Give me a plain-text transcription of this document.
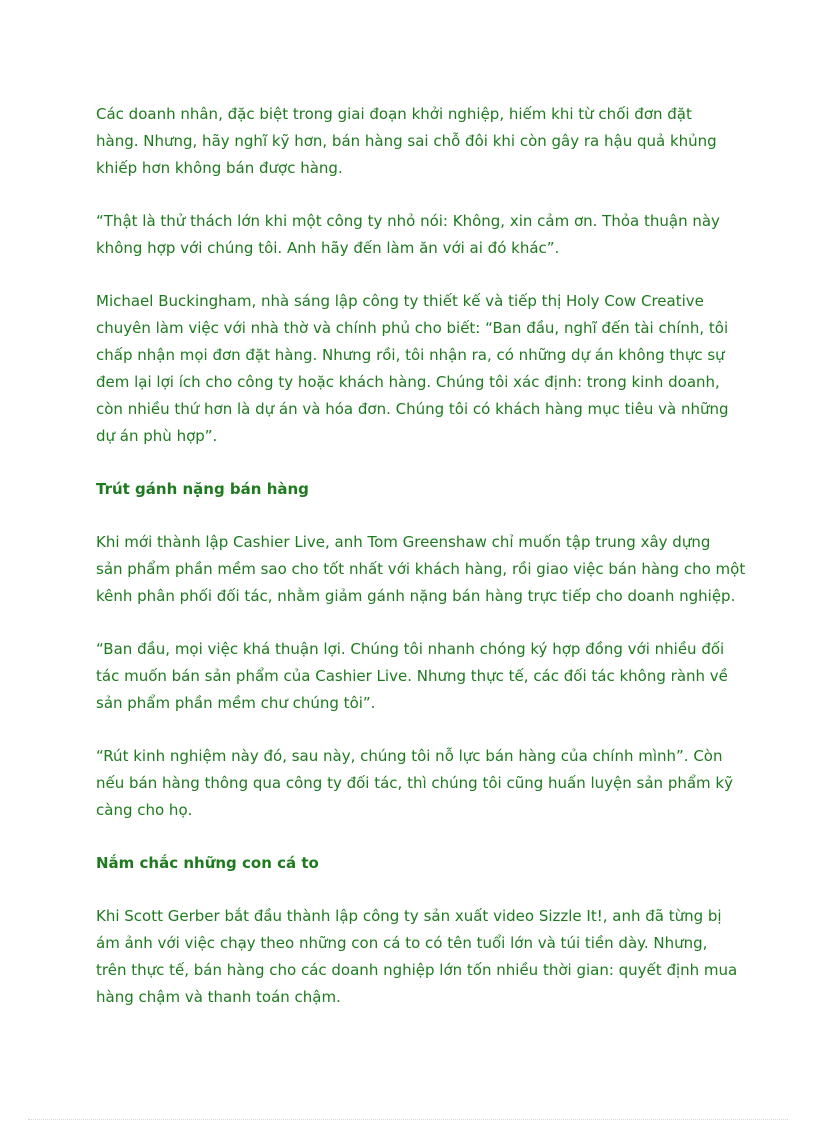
Các doanh nhân, đặc biệt trong giai đoạn khởi nghiệp, hiếm khi từ chối đơn đặt
hàng. Nhưng, hãy nghĩ kỹ hơn, bán hàng sai chỗ đôi khi còn gây ra hậu quả khủng
khiếp hơn không bán được hàng.

“Thật là thử thách lớn khi một công ty nhỏ nói: Không, xin cảm ơn. Thỏa thuận này
không hợp với chúng tôi. Anh hãy đến làm ăn với ai đó khác”.

Michael Buckingham, nhà sáng lập công ty thiết kế và tiếp thị Holy Cow Creative
chuyên làm việc với nhà thờ và chính phủ cho biết: “Ban đầu, nghĩ đến tài chính, tôi
chấp nhận mọi đơn đặt hàng. Nhưng rồi, tôi nhận ra, có những dự án không thực sự
đem lại lợi ích cho công ty hoặc khách hàng. Chúng tôi xác định: trong kinh doanh,
còn nhiều thứ hơn là dự án và hóa đơn. Chúng tôi có khách hàng mục tiêu và những
dự án phù hợp”.

Trút gánh nặng bán hàng

Khi mới thành lập Cashier Live, anh Tom Greenshaw chỉ muốn tập trung xây dựng
sản phẩm phần mềm sao cho tốt nhất với khách hàng, rồi giao việc bán hàng cho một
kênh phân phối đối tác, nhằm giảm gánh nặng bán hàng trực tiếp cho doanh nghiệp.

“Ban đầu, mọi việc khá thuận lợi. Chúng tôi nhanh chóng ký hợp đồng với nhiều đối
tác muốn bán sản phẩm của Cashier Live. Nhưng thực tế, các đối tác không rành về
sản phẩm phần mềm chư chúng tôi”.

“Rút kinh nghiệm này đó, sau này, chúng tôi nỗ lực bán hàng của chính mình”. Còn
nếu bán hàng thông qua công ty đối tác, thì chúng tôi cũng huấn luyện sản phẩm kỹ
càng cho họ.

Nắm chắc những con cá to

Khi Scott Gerber bắt đầu thành lập công ty sản xuất video Sizzle It!, anh đã từng bị
ám ảnh với việc chạy theo những con cá to có tên tuổi lớn và túi tiền dày. Nhưng,
trên thực tế, bán hàng cho các doanh nghiệp lớn tốn nhiều thời gian: quyết định mua
hàng chậm và thanh toán chậm.
